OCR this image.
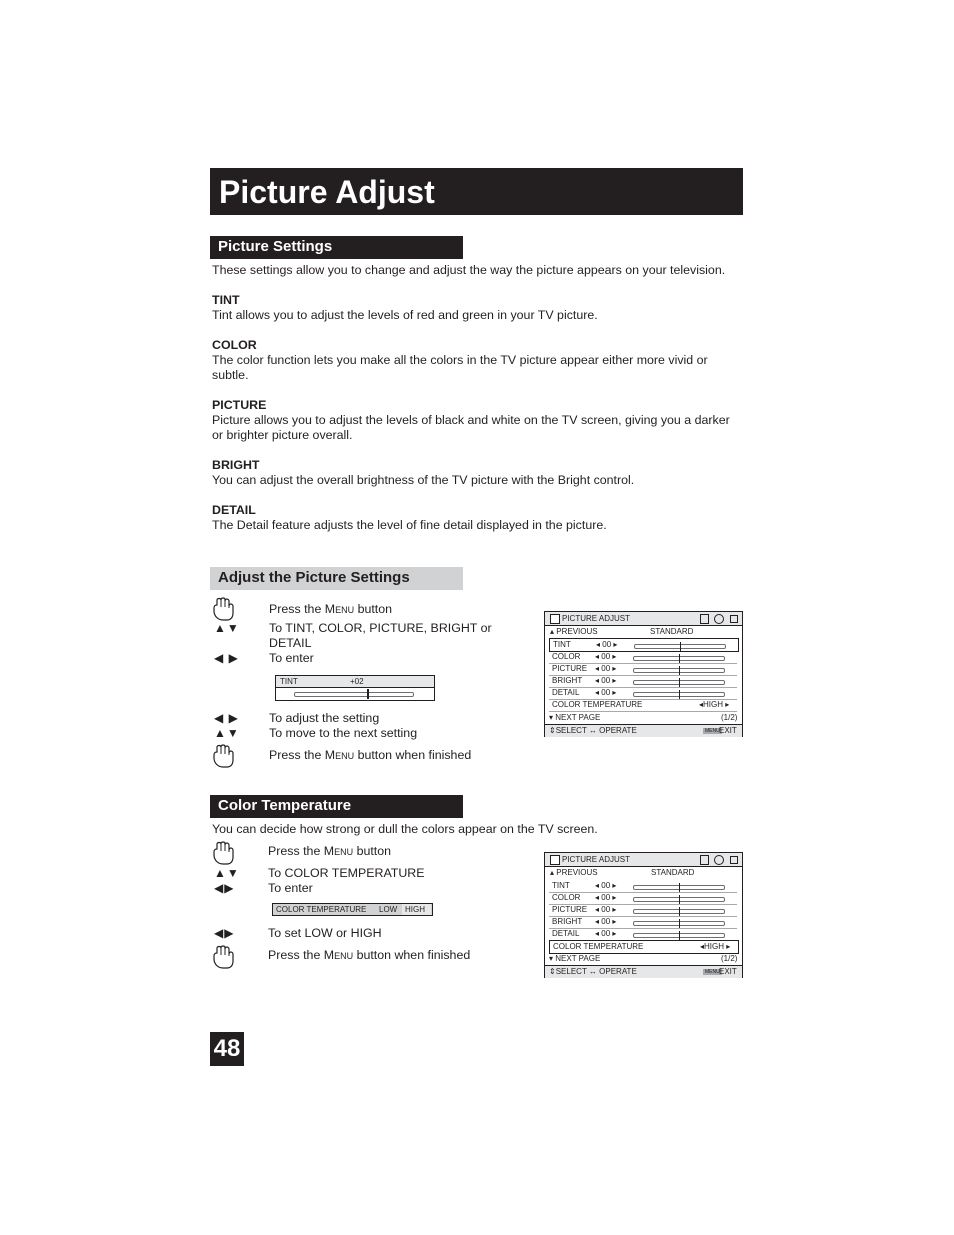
Picture Adjust
Picture Settings
These settings allow you to change and adjust the way the picture appears on your television.
TINT
Tint allows you to adjust the levels of red and green in your TV picture.
COLOR
The color function lets you make all the colors in the TV picture appear either more vivid or
subtle.
PICTURE
Picture allows you to adjust the levels of black and white on the TV screen, giving you a darker
or brighter picture overall.
BRIGHT
You can adjust the overall brightness of the TV picture with the Bright control.
DETAIL
The Detail feature adjusts the level of fine detail displayed in the picture.
Adjust the Picture Settings
Press the Menu button
▲▼ To TINT, COLOR, PICTURE, BRIGHT or
DETAIL
◀ ▶ To enter
TINT	+02
◀ ▶ To adjust the setting
▲▼ To move to the next setting
Press the Menu button when finished
PICTURE ADJUST
▴ PREVIOUS	STANDARD
TINT	◂ 00 ▸
COLOR ◂ 00 ▸
PICTURE ◂ 00 ▸
BRIGHT ◂ 00 ▸
DETAIL ◂ 00 ▸
COLOR TEMPERATURE	◂HIGH ▸
▾ NEXT PAGE	(1/2)
⇕SELECT ↔ OPERATE	MENU EXIT
Color Temperature
You can decide how strong or dull the colors appear on the TV screen.
Press the Menu button
▲▼ To COLOR TEMPERATURE
◀▶	To enter
COLOR TEMPERATURE LOW HIGH
◀▶	To set LOW or HIGH
Press the Menu button when finished
PICTURE ADJUST
▴ PREVIOUS	STANDARD
TINT	◂ 00 ▸
COLOR ◂ 00 ▸
PICTURE ◂ 00 ▸
BRIGHT ◂ 00 ▸
DETAIL ◂ 00 ▸
COLOR TEMPERATURE	◂HIGH ▸
▾ NEXT PAGE	(1/2)
⇕SELECT ↔ OPERATE	MENU EXIT
48
